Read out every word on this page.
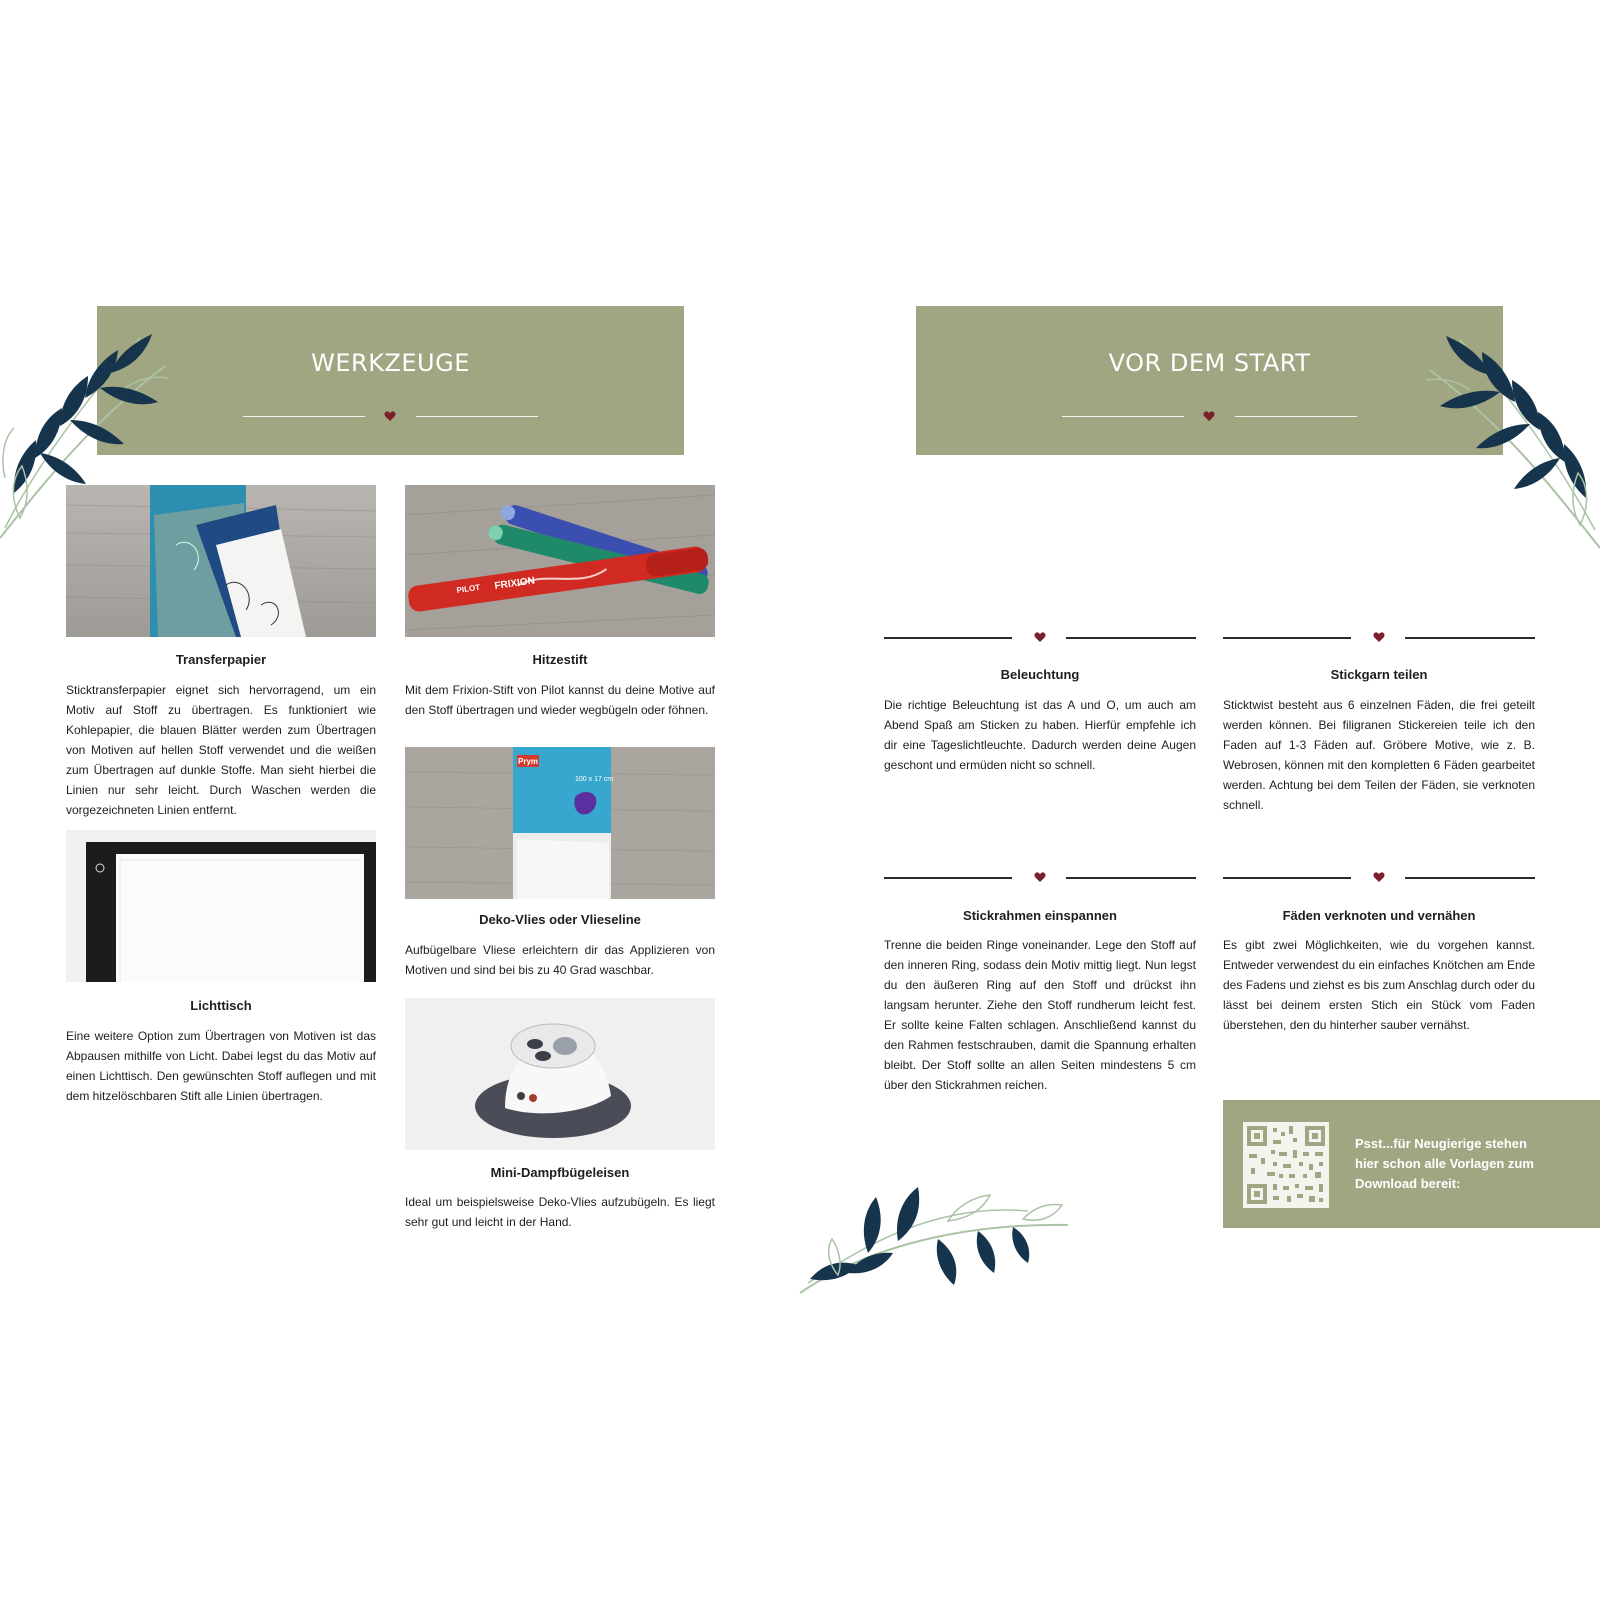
WERKZEUGE
Transferpapier
Sticktransferpapier eignet sich hervorragend, um ein Motiv auf Stoff zu übertragen. Es funktioniert wie Kohlepapier, die blauen Blätter werden zum Übertragen von Motiven auf hellen Stoff verwendet und die weißen zum Übertragen auf dunkle Stoffe. Man sieht hierbei die Linien nur sehr leicht. Durch Waschen werden die vorgezeichneten Linien entfernt.
PILOT FRIXION
Hitzestift
Mit dem Frixion-Stift von Pilot kannst du deine Motive auf den Stoff übertragen und wieder wegbügeln oder föhnen.
Prym
100 x 17 cm
Deko-Vlies oder Vlieseline
Aufbügelbare Vliese erleichtern dir das Applizieren von Motiven und sind bei bis zu 40 Grad waschbar.
Lichttisch
Eine weitere Option zum Übertragen von Motiven ist das Abpausen mithilfe von Licht. Dabei legst du das Motiv auf einen Lichttisch. Den gewünschten Stoff auflegen und mit dem hitzelöschbaren Stift alle Linien übertragen.
Mini-Dampfbügeleisen
Ideal um beispielsweise Deko-Vlies aufzubügeln. Es liegt sehr gut und leicht in der Hand.
VOR DEM START
Beleuchtung
Die richtige Beleuchtung ist das A und O, um auch am Abend Spaß am Sticken zu haben. Hierfür empfehle ich dir eine Tageslichtleuchte. Dadurch werden deine Augen geschont und ermüden nicht so schnell.
Stickgarn teilen
Sticktwist besteht aus 6 einzelnen Fäden, die frei geteilt werden können. Bei filigranen Stickereien teile ich den Faden auf 1-3 Fäden auf. Gröbere Motive, wie z. B. Webrosen, können mit den kompletten 6 Fäden gearbeitet werden. Achtung bei dem Teilen der Fäden, sie verknoten schnell.
Stickrahmen einspannen
Trenne die beiden Ringe voneinander. Lege den Stoff auf den inneren Ring, sodass dein Motiv mittig liegt. Nun legst du den äußeren Ring auf den Stoff und drückst ihn langsam herunter. Ziehe den Stoff rundherum leicht fest. Er sollte keine Falten schlagen. Anschließend kannst du den Rahmen festschrauben, damit die Spannung erhalten bleibt. Der Stoff sollte an allen Seiten mindestens 5 cm über den Stickrahmen reichen.
Fäden verknoten und vernähen
Es gibt zwei Möglichkeiten, wie du vorgehen kannst. Entweder verwendest du ein einfaches Knötchen am Ende des Fadens und ziehst es bis zum Anschlag durch oder du lässt bei deinem ersten Stich ein Stück vom Faden überstehen, den du hinterher sauber vernähst.
Psst...für Neugierige stehen hier schon alle Vorlagen zum Download bereit:
